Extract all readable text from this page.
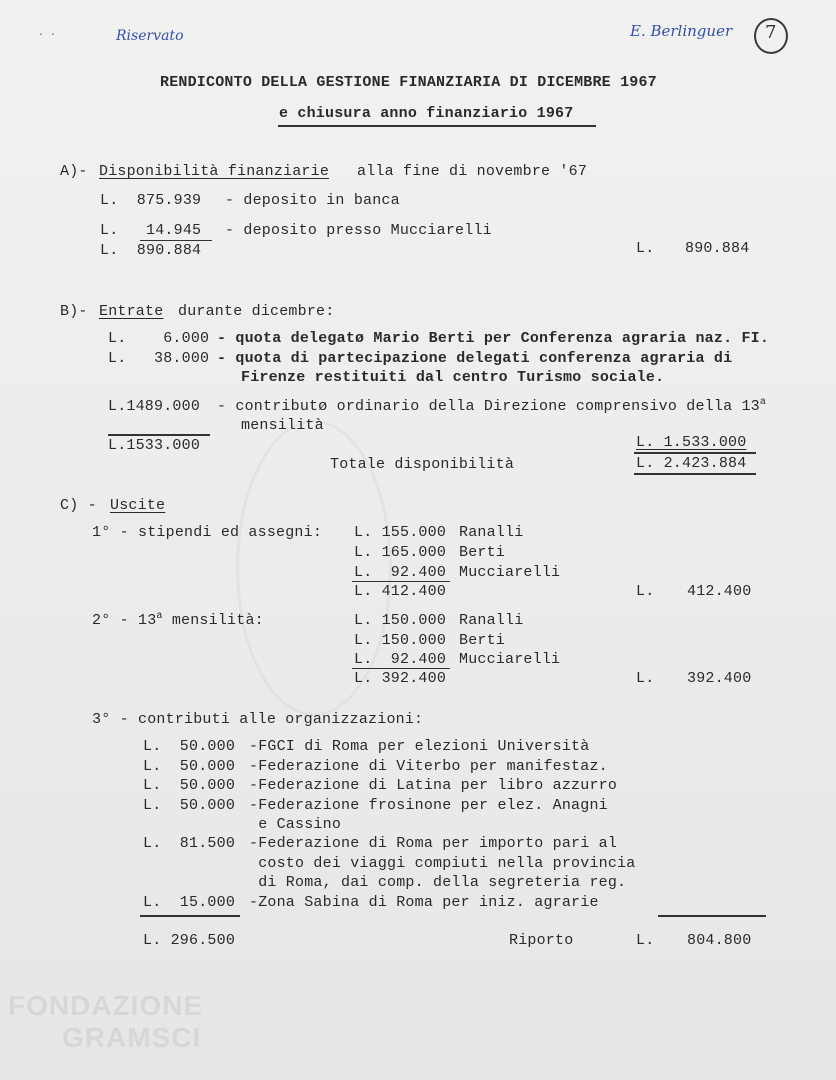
· ·	Riservato	E. Berlinguer 7
RENDICONTO DELLA GESTIONE FINANZIARIA DI DICEMBRE 1967
e chiusura anno finanziario 1967
A)- Disponibilità finanziarie alla fine di novembre '67
L.  875.939 - deposito in banca
L.   14.945 - deposito presso Mucciarelli
L.  890.884	L. 890.884
B)- Entrate durante dicembre:
L.    6.000 - quota delegatø Mario Berti per Conferenza agraria naz. FI.
L.   38.000 - quota di partecipazione delegati conferenza agraria di
Firenze restituiti dal centro Turismo sociale.
L.1489.000 - contributø ordinario della Direzione comprensivo della 13$^a$
mensilità
L.1533.000	L. 1.533.000
Totale disponibilità	L. 2.423.884
C) - Uscite
1° - stipendi ed assegni: L. 155.000 Ranalli
L. 165.000 Berti
L.  92.400 Mucciarelli
L. 412.400	L. 412.400
2° - 13$^a$ mensilità:	L. 150.000 Ranalli
L. 150.000 Berti
L.  92.400 Mucciarelli
L. 392.400	L. 392.400
3° - contributi alle organizzazioni:
L.  50.000 -FGCI di Roma per elezioni Università
L.  50.000 -Federazione di Viterbo per manifestaz.
L.  50.000 -Federazione di Latina per libro azzurro
L.  50.000 -Federazione frosinone per elez. Anagni
e Cassino
L.  81.500 -Federazione di Roma per importo pari al
costo dei viaggi compiuti nella provincia
di Roma, dai comp. della segreteria reg.
L.  15.000 -Zona Sabina di Roma per iniz. agrarie
L. 296.500	Riporto	L. 804.800
FONDAZIONE
GRAMSCI
